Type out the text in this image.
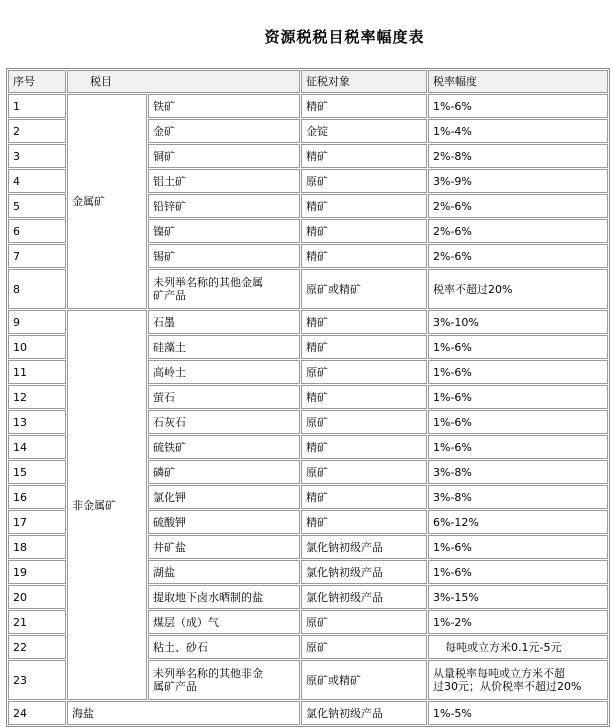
资源税税目税率幅度表
序号	税目		征税对象	税率幅度
1	金属矿	铁矿	精矿	1%-6%
2		金矿	金锭	1%-4%
3		铜矿	精矿	2%-8%
4		铝土矿	原矿	3%-9%
5		铅锌矿	精矿	2%-6%
6		镍矿	精矿	2%-6%
7		锡矿	精矿	2%-6%
8		未列举名称的其他金属
矿产品	原矿或精矿	税率不超过20%
9	非金属矿	石墨	精矿	3%-10%
10		硅藻土	精矿	1%-6%
11		高岭土	原矿	1%-6%
12		萤石	精矿	1%-6%
13		石灰石	原矿	1%-6%
14		硫铁矿	精矿	1%-6%
15		磷矿	原矿	3%-8%
16		氯化钾	精矿	3%-8%
17		硫酸钾	精矿	6%-12%
18		井矿盐	氯化钠初级产品	1%-6%
19		湖盐	氯化钠初级产品	1%-6%
20		提取地下卤水晒制的盐	氯化钠初级产品	3%-15%
21		煤层（成）气	原矿	1%-2%
22		粘土、砂石	原矿	每吨或立方米0.1元-5元
23		未列举名称的其他非金
属矿产品	原矿或精矿	从量税率每吨或立方米不超
过30元；从价税率不超过20%

24	海盐		氯化钠初级产品	1%-5%
